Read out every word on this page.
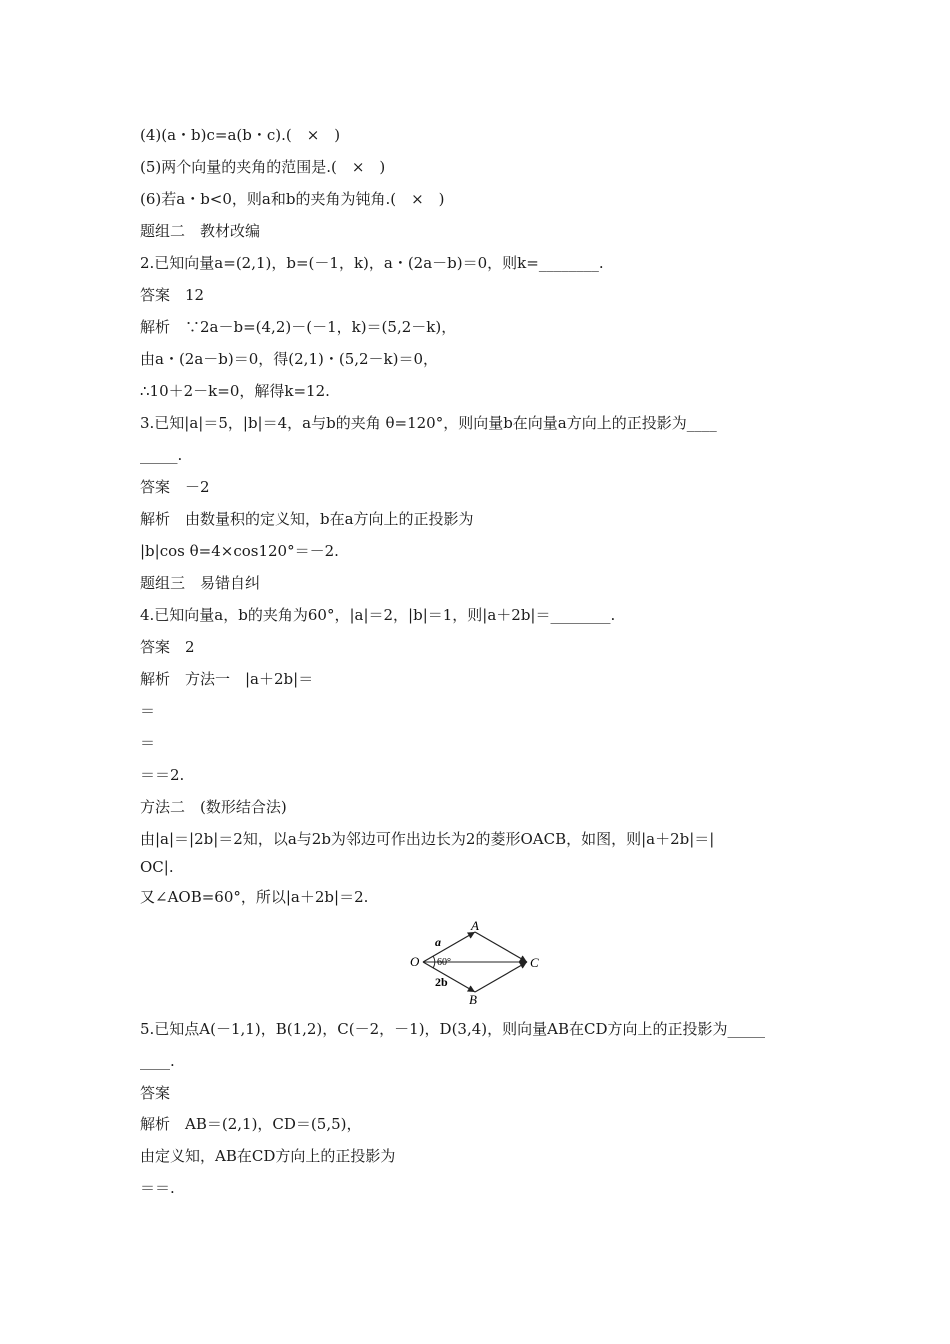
(4)(a・b)c=a(b・c).(　×　)
(5)两个向量的夹角的范围是.(　×　)
(6)若a・b<0，则a和b的夹角为钝角.(　×　)
题组二　教材改编
2.已知向量a=(2,1)，b=(－1，k)，a・(2a－b)＝0，则k=________.
答案　12
解析　∵2a－b=(4,2)－(－1，k)＝(5,2－k)，
由a・(2a－b)＝0，得(2,1)・(5,2－k)＝0，
∴10＋2－k=0，解得k=12.
3.已知|a|＝5，|b|＝4，a与b的夹角 θ=120°，则向量b在向量a方向上的正投影为____
_____.
答案　－2
解析　由数量积的定义知，b在a方向上的正投影为
|b|cos θ=4×cos120°＝－2.
题组三　易错自纠
4.已知向量a，b的夹角为60°，|a|＝2，|b|＝1，则|a＋2b|＝________.
答案　2
解析　方法一　|a＋2b|＝
＝
＝
＝＝2.
方法二　(数形结合法)
由|a|＝|2b|＝2知，以a与2b为邻边可作出边长为2的菱形OACB，如图，则|a＋2b|＝|
OC|.
又∠AOB=60°，所以|a＋2b|＝2.
O
A
B
C
a
2b
60°
5.已知点A(－1,1)，B(1,2)，C(－2，－1)，D(3,4)，则向量AB在CD方向上的正投影为_____
____.
答案
解析　AB＝(2,1)，CD＝(5,5)，
由定义知，AB在CD方向上的正投影为
＝＝.
